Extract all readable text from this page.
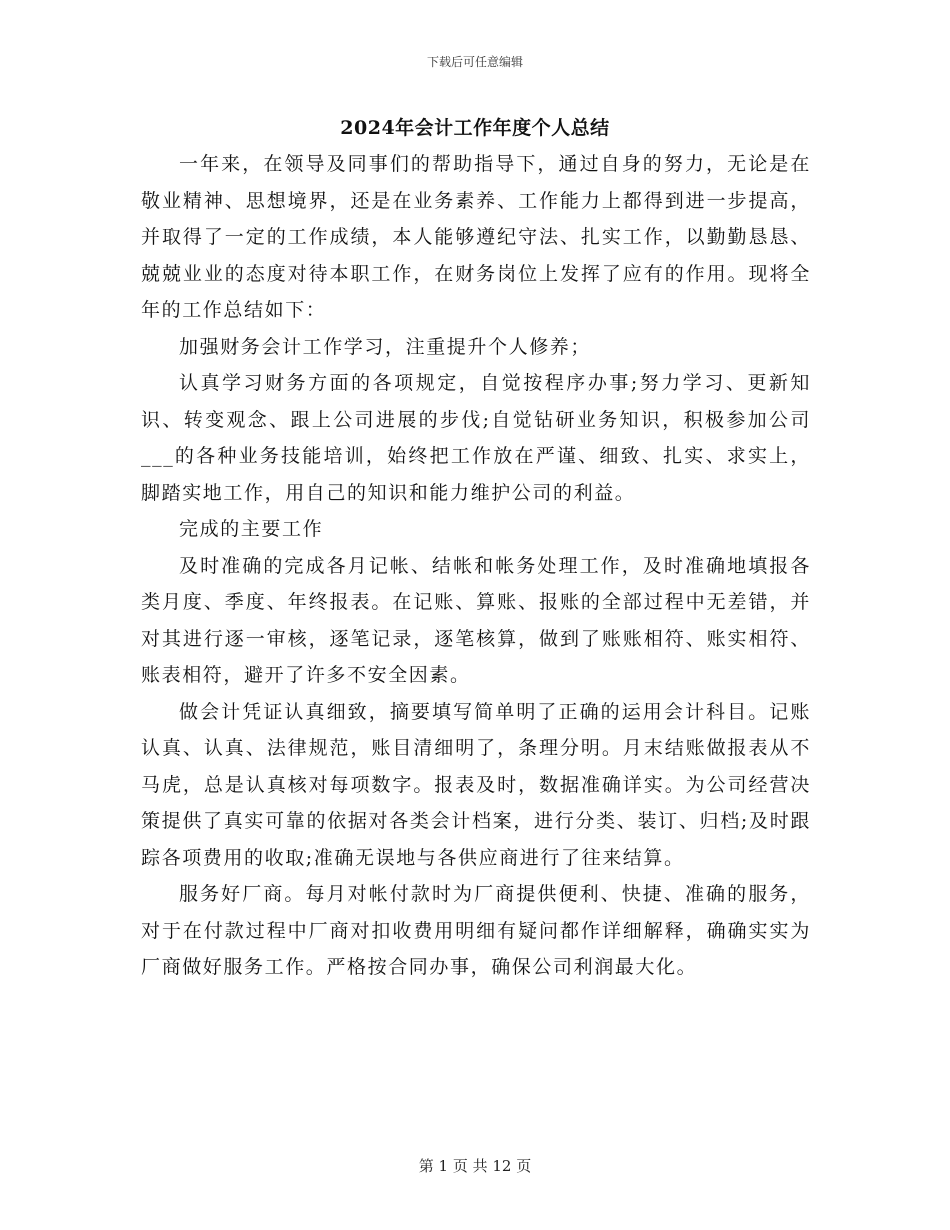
下载后可任意编辑
2024年会计工作年度个人总结

一年来，在领导及同事们的帮助指导下，通过自身的努力，无论是在敬业精神、思想境界，还是在业务素养、工作能力上都得到进一步提高，并取得了一定的工作成绩，本人能够遵纪守法、扎实工作，以勤勤恳恳、兢兢业业的态度对待本职工作，在财务岗位上发挥了应有的作用。现将全年的工作总结如下：

加强财务会计工作学习，注重提升个人修养；

认真学习财务方面的各项规定，自觉按程序办事;努力学习、更新知识、转变观念、跟上公司进展的步伐;自觉钻研业务知识，积极参加公司___的各种业务技能培训，始终把工作放在严谨、细致、扎实、求实上，脚踏实地工作，用自己的知识和能力维护公司的利益。

完成的主要工作

及时准确的完成各月记帐、结帐和帐务处理工作，及时准确地填报各类月度、季度、年终报表。在记账、算账、报账的全部过程中无差错，并对其进行逐一审核，逐笔记录，逐笔核算，做到了账账相符、账实相符、账表相符，避开了许多不安全因素。

做会计凭证认真细致，摘要填写简单明了正确的运用会计科目。记账认真、认真、法律规范，账目清细明了，条理分明。月末结账做报表从不马虎，总是认真核对每项数字。报表及时，数据准确详实。为公司经营决策提供了真实可靠的依据对各类会计档案，进行分类、装订、归档;及时跟踪各项费用的收取;准确无误地与各供应商进行了往来结算。

服务好厂商。每月对帐付款时为厂商提供便利、快捷、准确的服务，对于在付款过程中厂商对扣收费用明细有疑问都作详细解释，确确实实为厂商做好服务工作。严格按合同办事，确保公司利润最大化。

第 1 页 共 12 页
